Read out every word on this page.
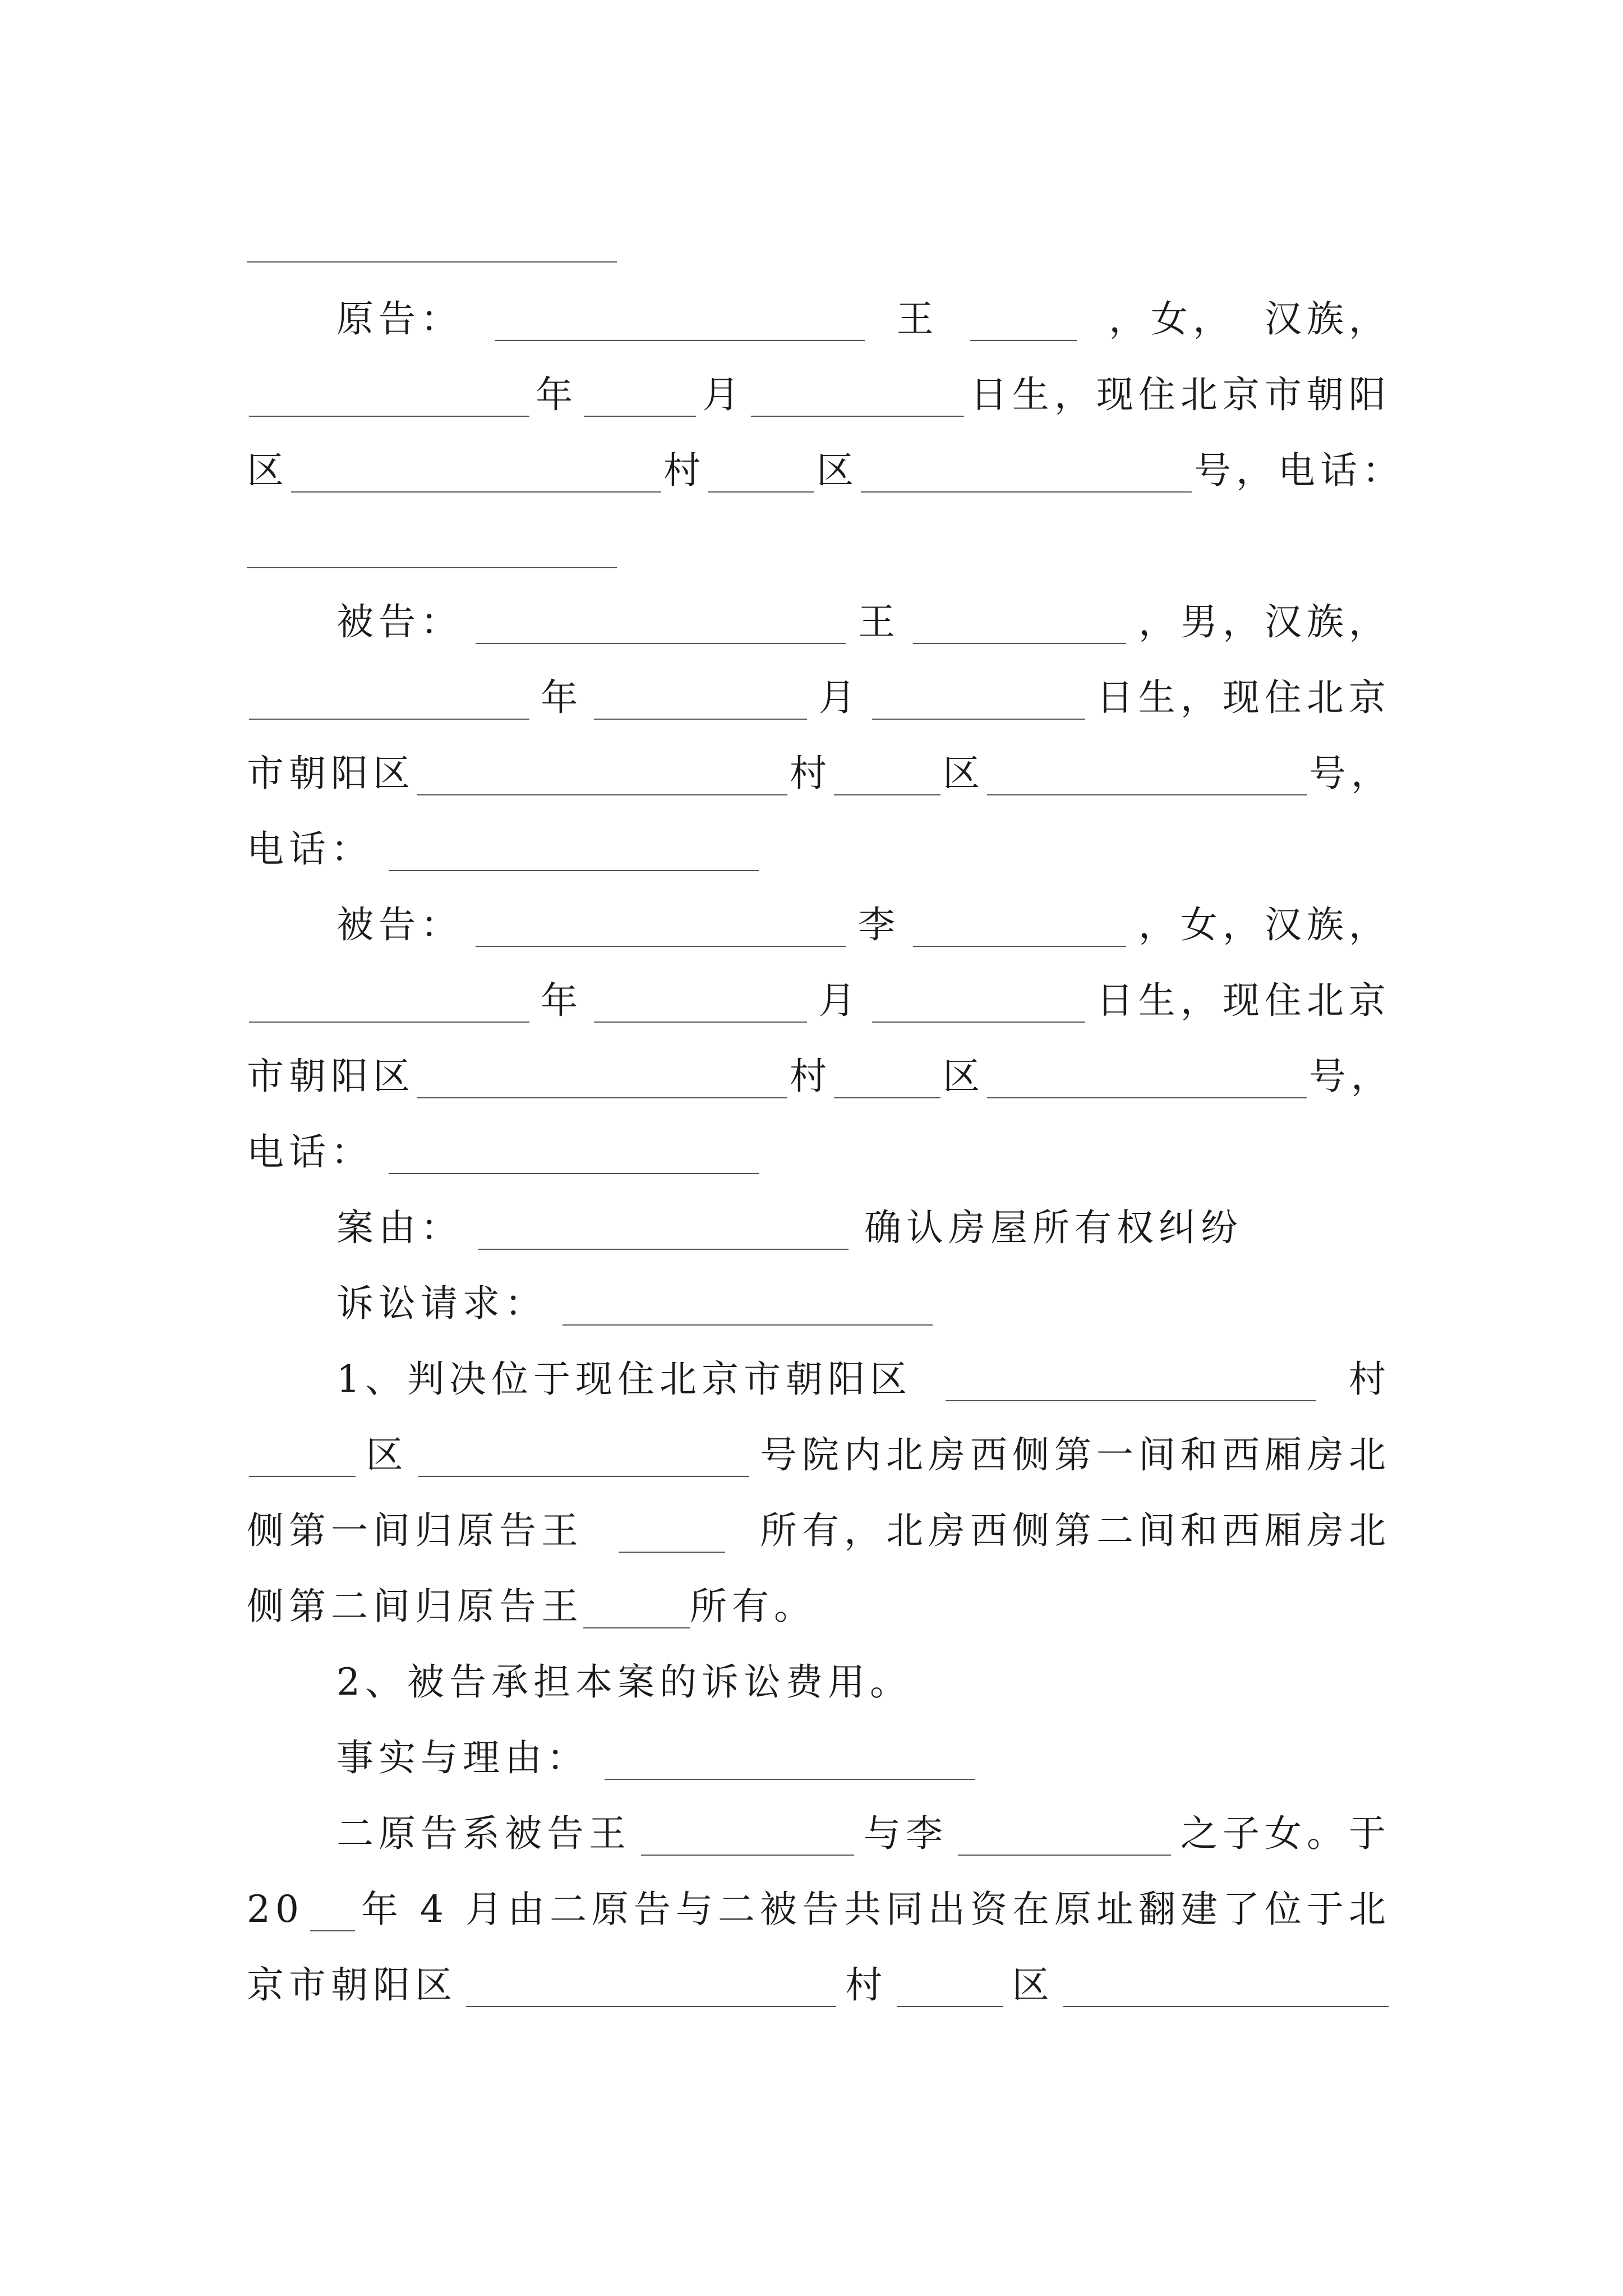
原告：	王	，女， 汉族，
年	月	日生，现住北京市朝阳
区	村	区	号，电话：
被告：	王	，男，汉族，
年	月	日生，现住北京
市朝阳区	村	区	号，
电话：
被告：	李	，女，汉族，
年	月	日生，现住北京
市朝阳区	村	区	号，
电话：
案由：	确认房屋所有权纠纷
诉讼请求：
1、判决位于现住北京市朝阳区	村
区	号院内北房西侧第一间和西厢房北
侧第一间归原告王	所有，北房西侧第二间和西厢房北
侧第二间归原告王	所有。
2、被告承担本案的诉讼费用。
事实与理由：
二原告系被告王	与李	之子女。于
20 年 4 月由二原告与二被告共同出资在原址翻建了位于北
京市朝阳区	村	区
